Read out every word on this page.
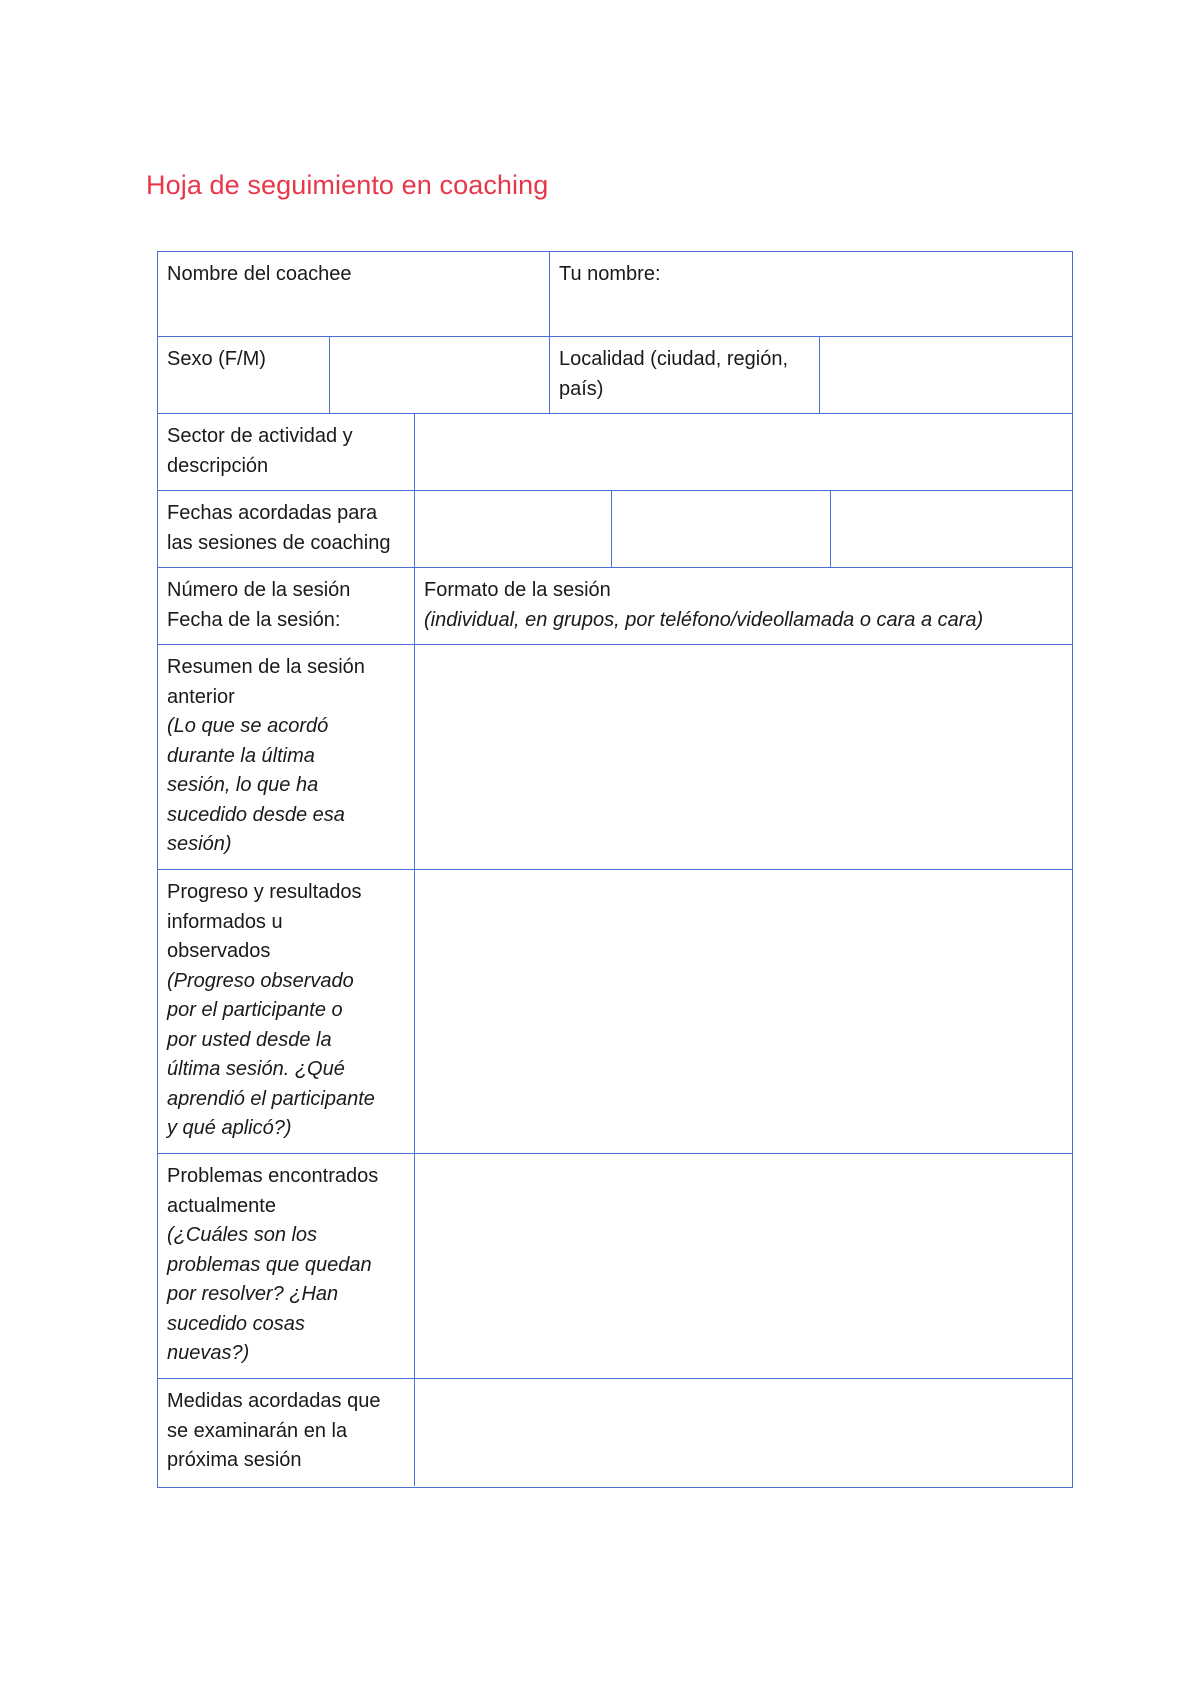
Hoja de seguimiento en coaching
Nombre del coachee	Tu nombre:
Sexo (F/M)	Localidad (ciudad, región,
país)
Sector de actividad y
descripción
Fechas acordadas para
las sesiones de coaching
Número de la sesión
Fecha de la sesión:
Formato de la sesión
(individual, en grupos, por teléfono/videollamada o cara a cara)
Resumen de la sesión
anterior
(Lo que se acordó
durante la última
sesión, lo que ha
sucedido desde esa
sesión)
Progreso y resultados
informados u
observados
(Progreso observado
por el participante o
por usted desde la
última sesión. ¿Qué
aprendió el participante
y qué aplicó?)
Problemas encontrados
actualmente
(¿Cuáles son los
problemas que quedan
por resolver? ¿Han
sucedido cosas
nuevas?)
Medidas acordadas que
se examinarán en la
próxima sesión
